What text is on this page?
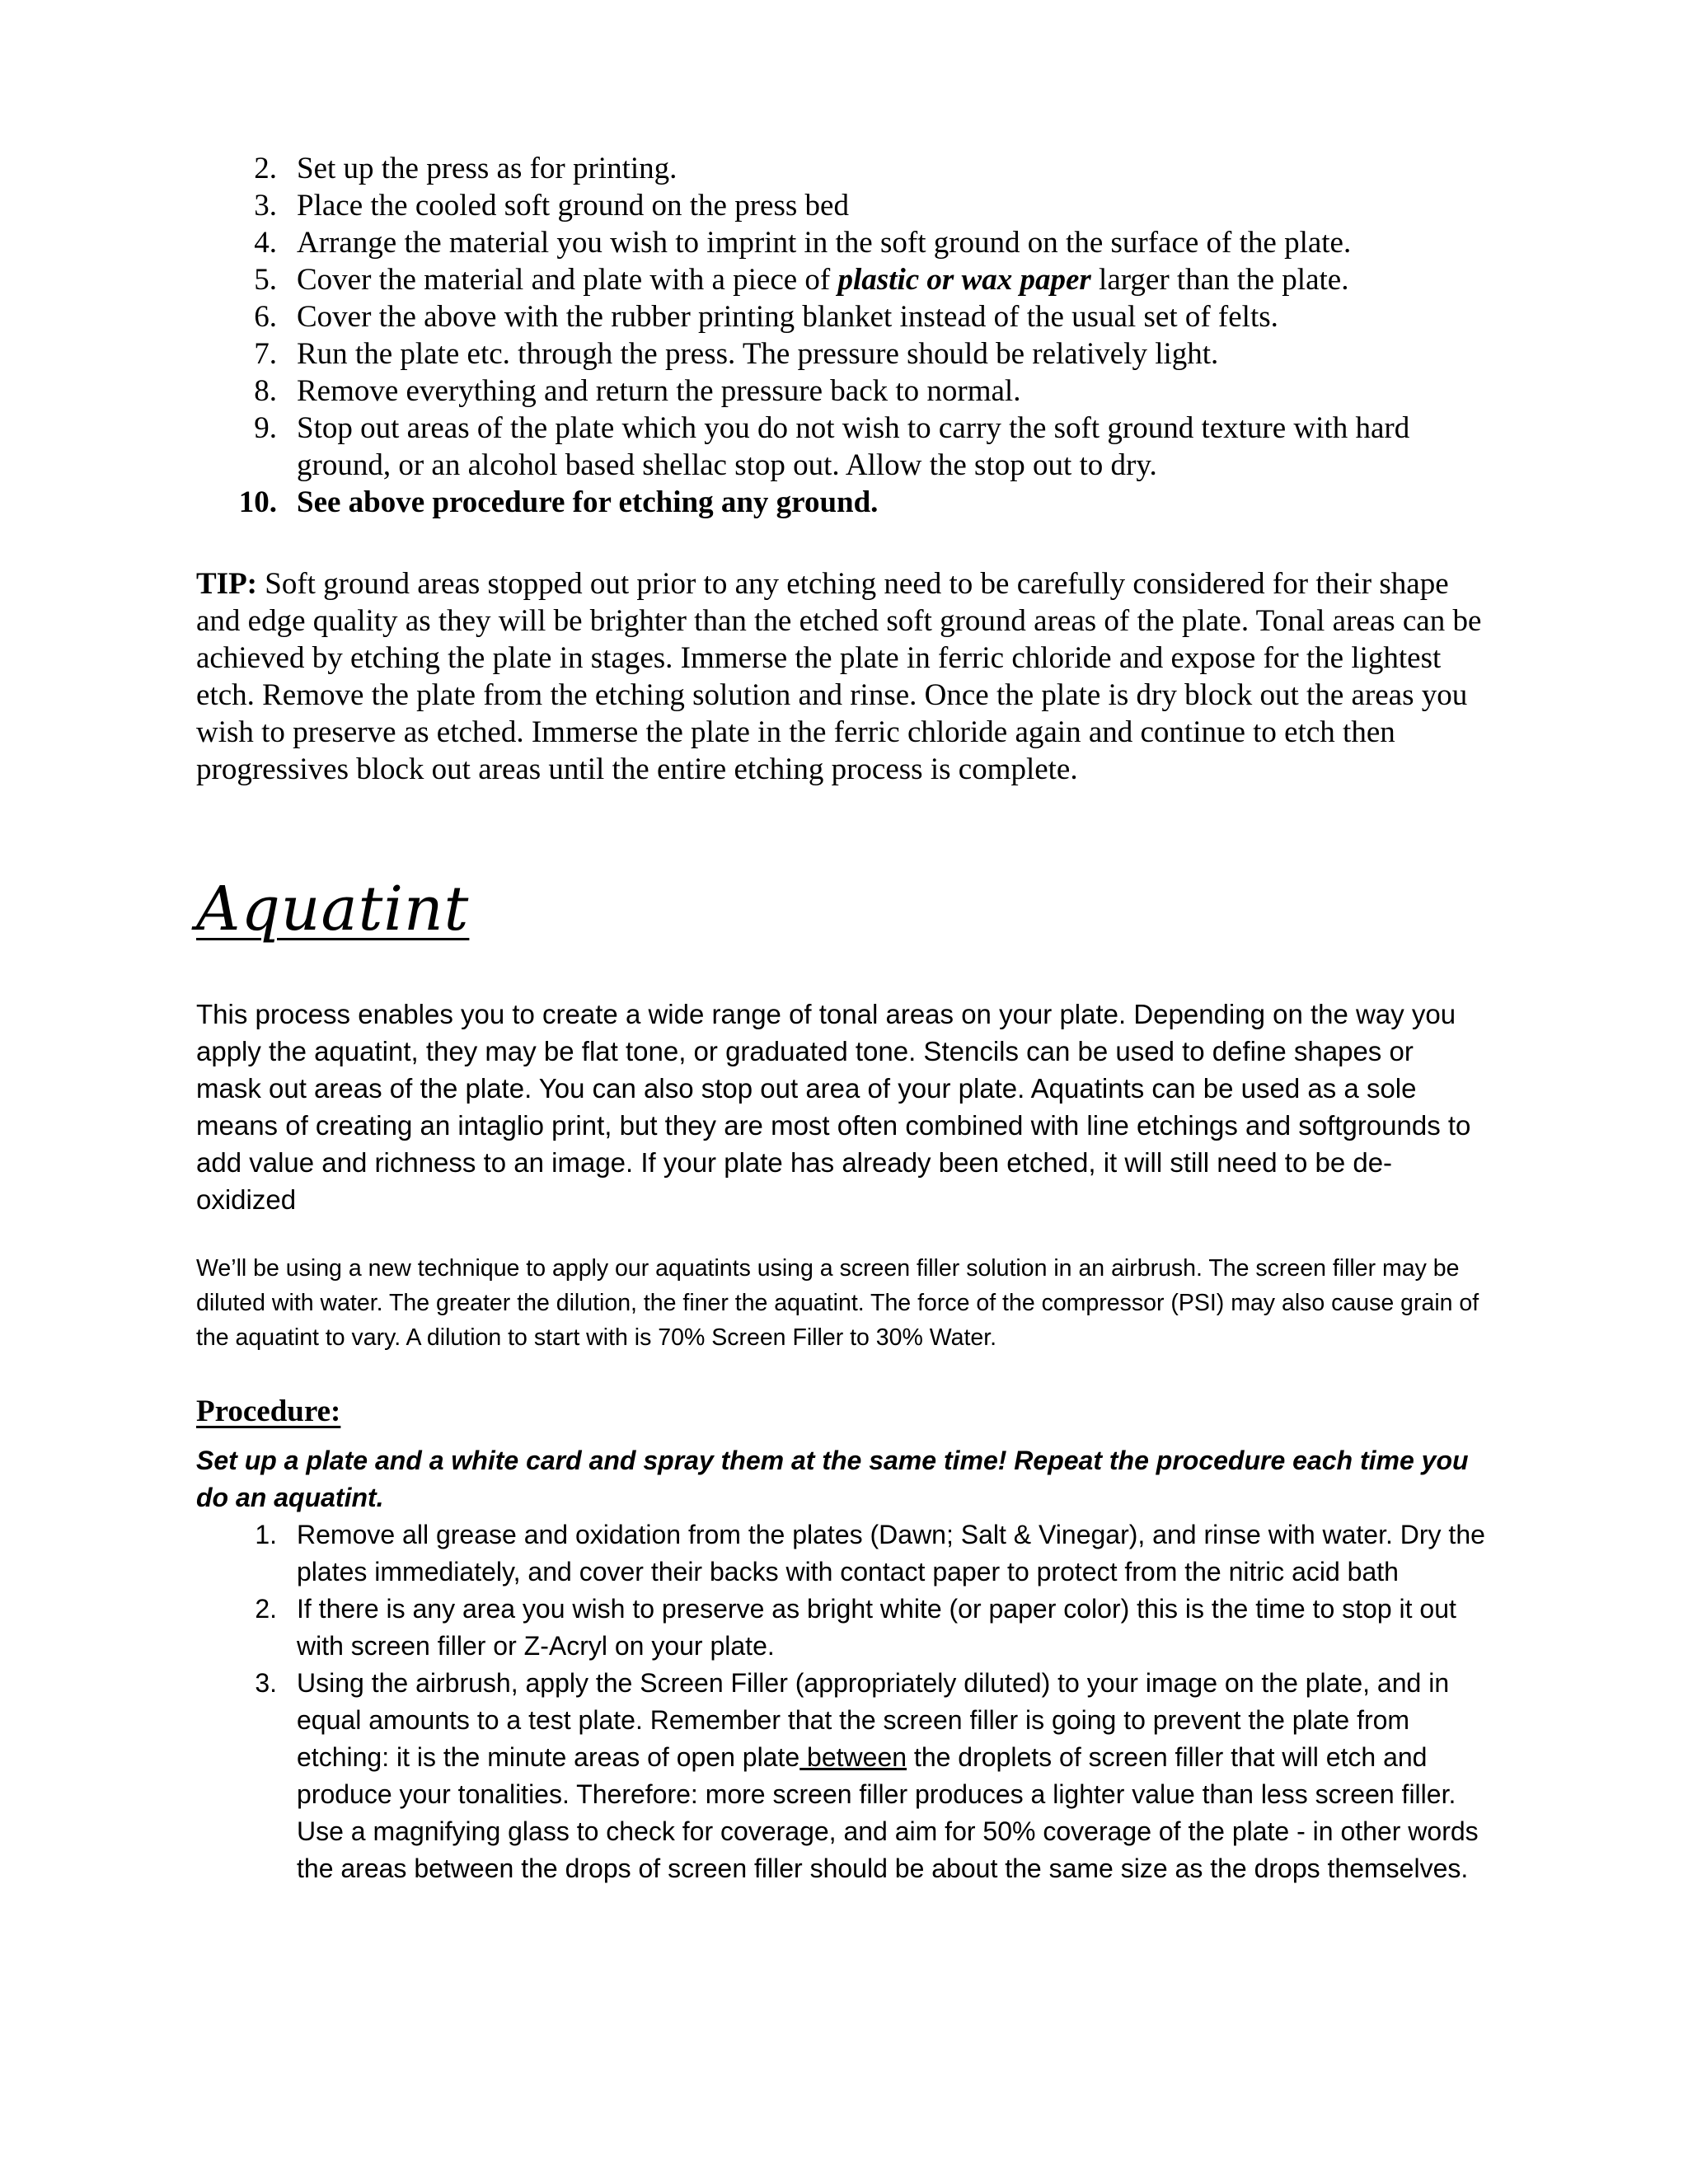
2. Set up the press as for printing.
3. Place the cooled soft ground on the press bed
4. Arrange the material you wish to imprint in the soft ground on the surface of the plate.
5. Cover the material and plate with a piece of plastic or wax paper larger than the plate.
6. Cover the above with the rubber printing blanket instead of the usual set of felts.
7. Run the plate etc. through the press. The pressure should be relatively light.
8. Remove everything and return the pressure back to normal.
9. Stop out areas of the plate which you do not wish to carry the soft ground texture with hard ground, or an alcohol based shellac stop out. Allow the stop out to dry.
10. See above procedure for etching any ground.

TIP: Soft ground areas stopped out prior to any etching need to be carefully considered for their shape and edge quality as they will be brighter than the etched soft ground areas of the plate. Tonal areas can be achieved by etching the plate in stages. Immerse the plate in ferric chloride and expose for the lightest etch. Remove the plate from the etching solution and rinse. Once the plate is dry block out the areas you wish to preserve as etched. Immerse the plate in the ferric chloride again and continue to etch then progressives block out areas until the entire etching process is complete.

Aquatint

This process enables you to create a wide range of tonal areas on your plate. Depending on the way you apply the aquatint, they may be flat tone, or graduated tone. Stencils can be used to define shapes or mask out areas of the plate. You can also stop out area of your plate. Aquatints can be used as a sole means of creating an intaglio print, but they are most often combined with line etchings and softgrounds to add value and richness to an image. If your plate has already been etched, it will still need to be de-oxidized

We’ll be using a new technique to apply our aquatints using a screen filler solution in an airbrush. The screen filler may be diluted with water. The greater the dilution, the finer the aquatint. The force of the compressor (PSI) may also cause grain of the aquatint to vary. A dilution to start with is 70% Screen Filler to 30% Water.

Procedure:

Set up a plate and a white card and spray them at the same time! Repeat the procedure each time you do an aquatint.

1. Remove all grease and oxidation from the plates (Dawn; Salt & Vinegar), and rinse with water. Dry the plates immediately, and cover their backs with contact paper to protect from the nitric acid bath
2. If there is any area you wish to preserve as bright white (or paper color) this is the time to stop it out with screen filler or Z-Acryl on your plate.
3. Using the airbrush, apply the Screen Filler (appropriately diluted) to your image on the plate, and in equal amounts to a test plate. Remember that the screen filler is going to prevent the plate from etching: it is the minute areas of open plate between the droplets of screen filler that will etch and produce your tonalities. Therefore: more screen filler produces a lighter value than less screen filler. Use a magnifying glass to check for coverage, and aim for 50% coverage of the plate - in other words the areas between the drops of screen filler should be about the same size as the drops themselves.
